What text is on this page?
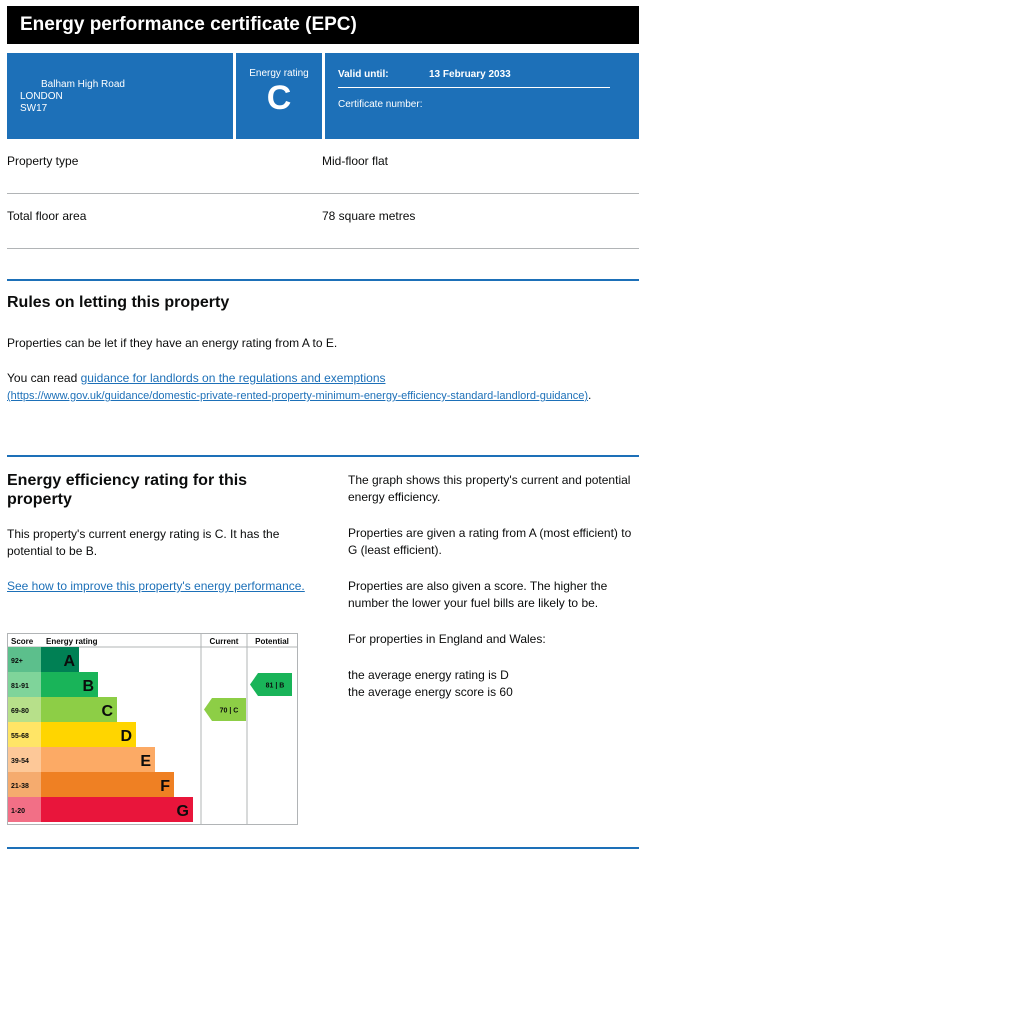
Energy performance certificate (EPC)
Balham High Road
LONDON
SW17
Energy rating
C
Valid until:	13 February 2033
Certificate number:
Property type	Mid-floor flat
Total floor area	78 square metres
Rules on letting this property

Properties can be let if they have an energy rating from A to E.

You can read guidance for landlords on the regulations and exemptions
(https://www.gov.uk/guidance/domestic-private-rented-property-minimum-energy-efficiency-standard-landlord-guidance).

Energy efficiency rating for this property

This property's current energy rating is C. It has the potential to be B.

See how to improve this property's energy performance.

Score Energy rating	Current Potential
92+	A
81-91	B
69-80	C
55-68	D
39-54	E
21-38	F
1-20	G
70 | C
81 | B

The graph shows this property's current and potential energy efficiency.

Properties are given a rating from A (most efficient) to G (least efficient).

Properties are also given a score. The higher the number the lower your fuel bills are likely to be.

For properties in England and Wales:

the average energy rating is D
the average energy score is 60
